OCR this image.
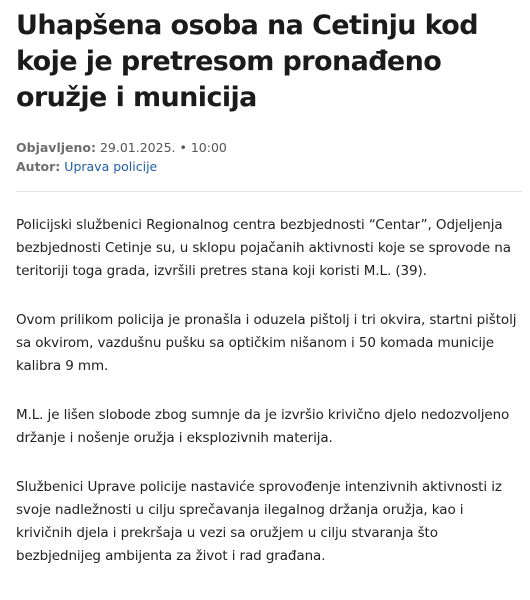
Uhapšena osoba na Cetinju kod koje je pretresom pronađeno oružje i municija
Objavljeno: 29.01.2025. • 10:00
Autor: Uprava policije

Policijski službenici Regionalnog centra bezbjednosti “Centar”, Odjeljenja bezbjednosti Cetinje su, u sklopu pojačanih aktivnosti koje se sprovode na teritoriji toga grada, izvršili pretres stana koji koristi M.L. (39).

Ovom prilikom policija je pronašla i oduzela pištolj i tri okvira, startni pištolj sa okvirom, vazdušnu pušku sa optičkim nišanom i 50 komada municije kalibra 9 mm.

M.L. je lišen slobode zbog sumnje da je izvršio krivično djelo nedozvoljeno držanje i nošenje oružja i eksplozivnih materija.

Službenici Uprave policije nastaviće sprovođenje intenzivnih aktivnosti iz svoje nadležnosti u cilju sprečavanja ilegalnog držanja oružja, kao i krivičnih djela i prekršaja u vezi sa oružjem u cilju stvaranja što bezbjednijeg ambijenta za život i rad građana.
